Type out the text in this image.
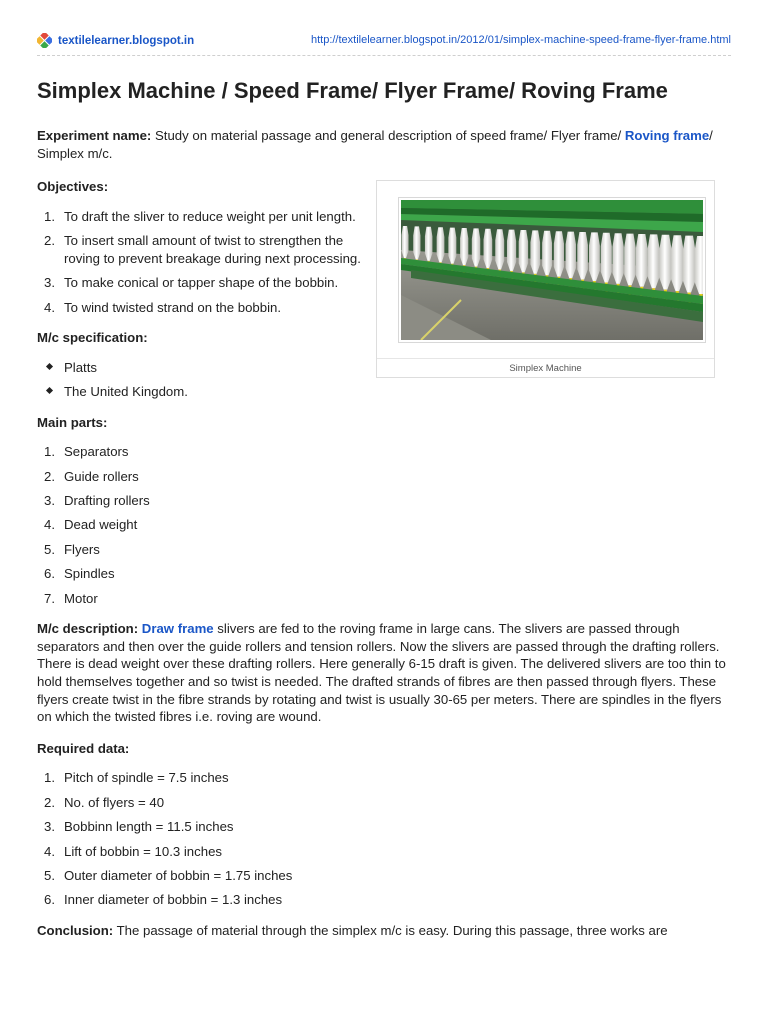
textilelearner.blogspot.in	http://textilelearner.blogspot.in/2012/01/simplex-machine-speed-frame-flyer-frame.html
Simplex Machine / Speed Frame/ Flyer Frame/ Roving Frame
Simplex Machine

Experiment name: Study on material passage and general description of speed frame/ Flyer frame/ Roving frame/ Simplex m/c.

Objectives:
1. To draft the sliver to reduce weight per unit length.
2. To insert small amount of twist to strengthen the roving to prevent breakage during next processing.
3. To make conical or tapper shape of the bobbin.
4. To wind twisted strand on the bobbin.
M/c specification:
Platts
The United Kingdom.
Main parts:
1. Separators
2. Guide rollers
3. Drafting rollers
4. Dead weight
5. Flyers
6. Spindles
7. Motor

M/c description: Draw frame slivers are fed to the roving frame in large cans. The slivers are passed through separators and then over the guide rollers and tension rollers. Now the slivers are passed through the drafting rollers. There is dead weight over these drafting rollers. Here generally 6-15 draft is given. The delivered slivers are too thin to hold themselves together and so twist is needed. The drafted strands of fibres are then passed through flyers. These flyers create twist in the fibre strands by rotating and twist is usually 30-65 per meters. There are spindles in the flyers on which the twisted fibres i.e. roving are wound.

Required data:
1. Pitch of spindle = 7.5 inches
2. No. of flyers = 40
3. Bobbinn length = 11.5 inches
4. Lift of bobbin = 10.3 inches
5. Outer diameter of bobbin = 1.75 inches
6. Inner diameter of bobbin = 1.3 inches

Conclusion: The passage of material through the simplex m/c is easy. During this passage, three works are
